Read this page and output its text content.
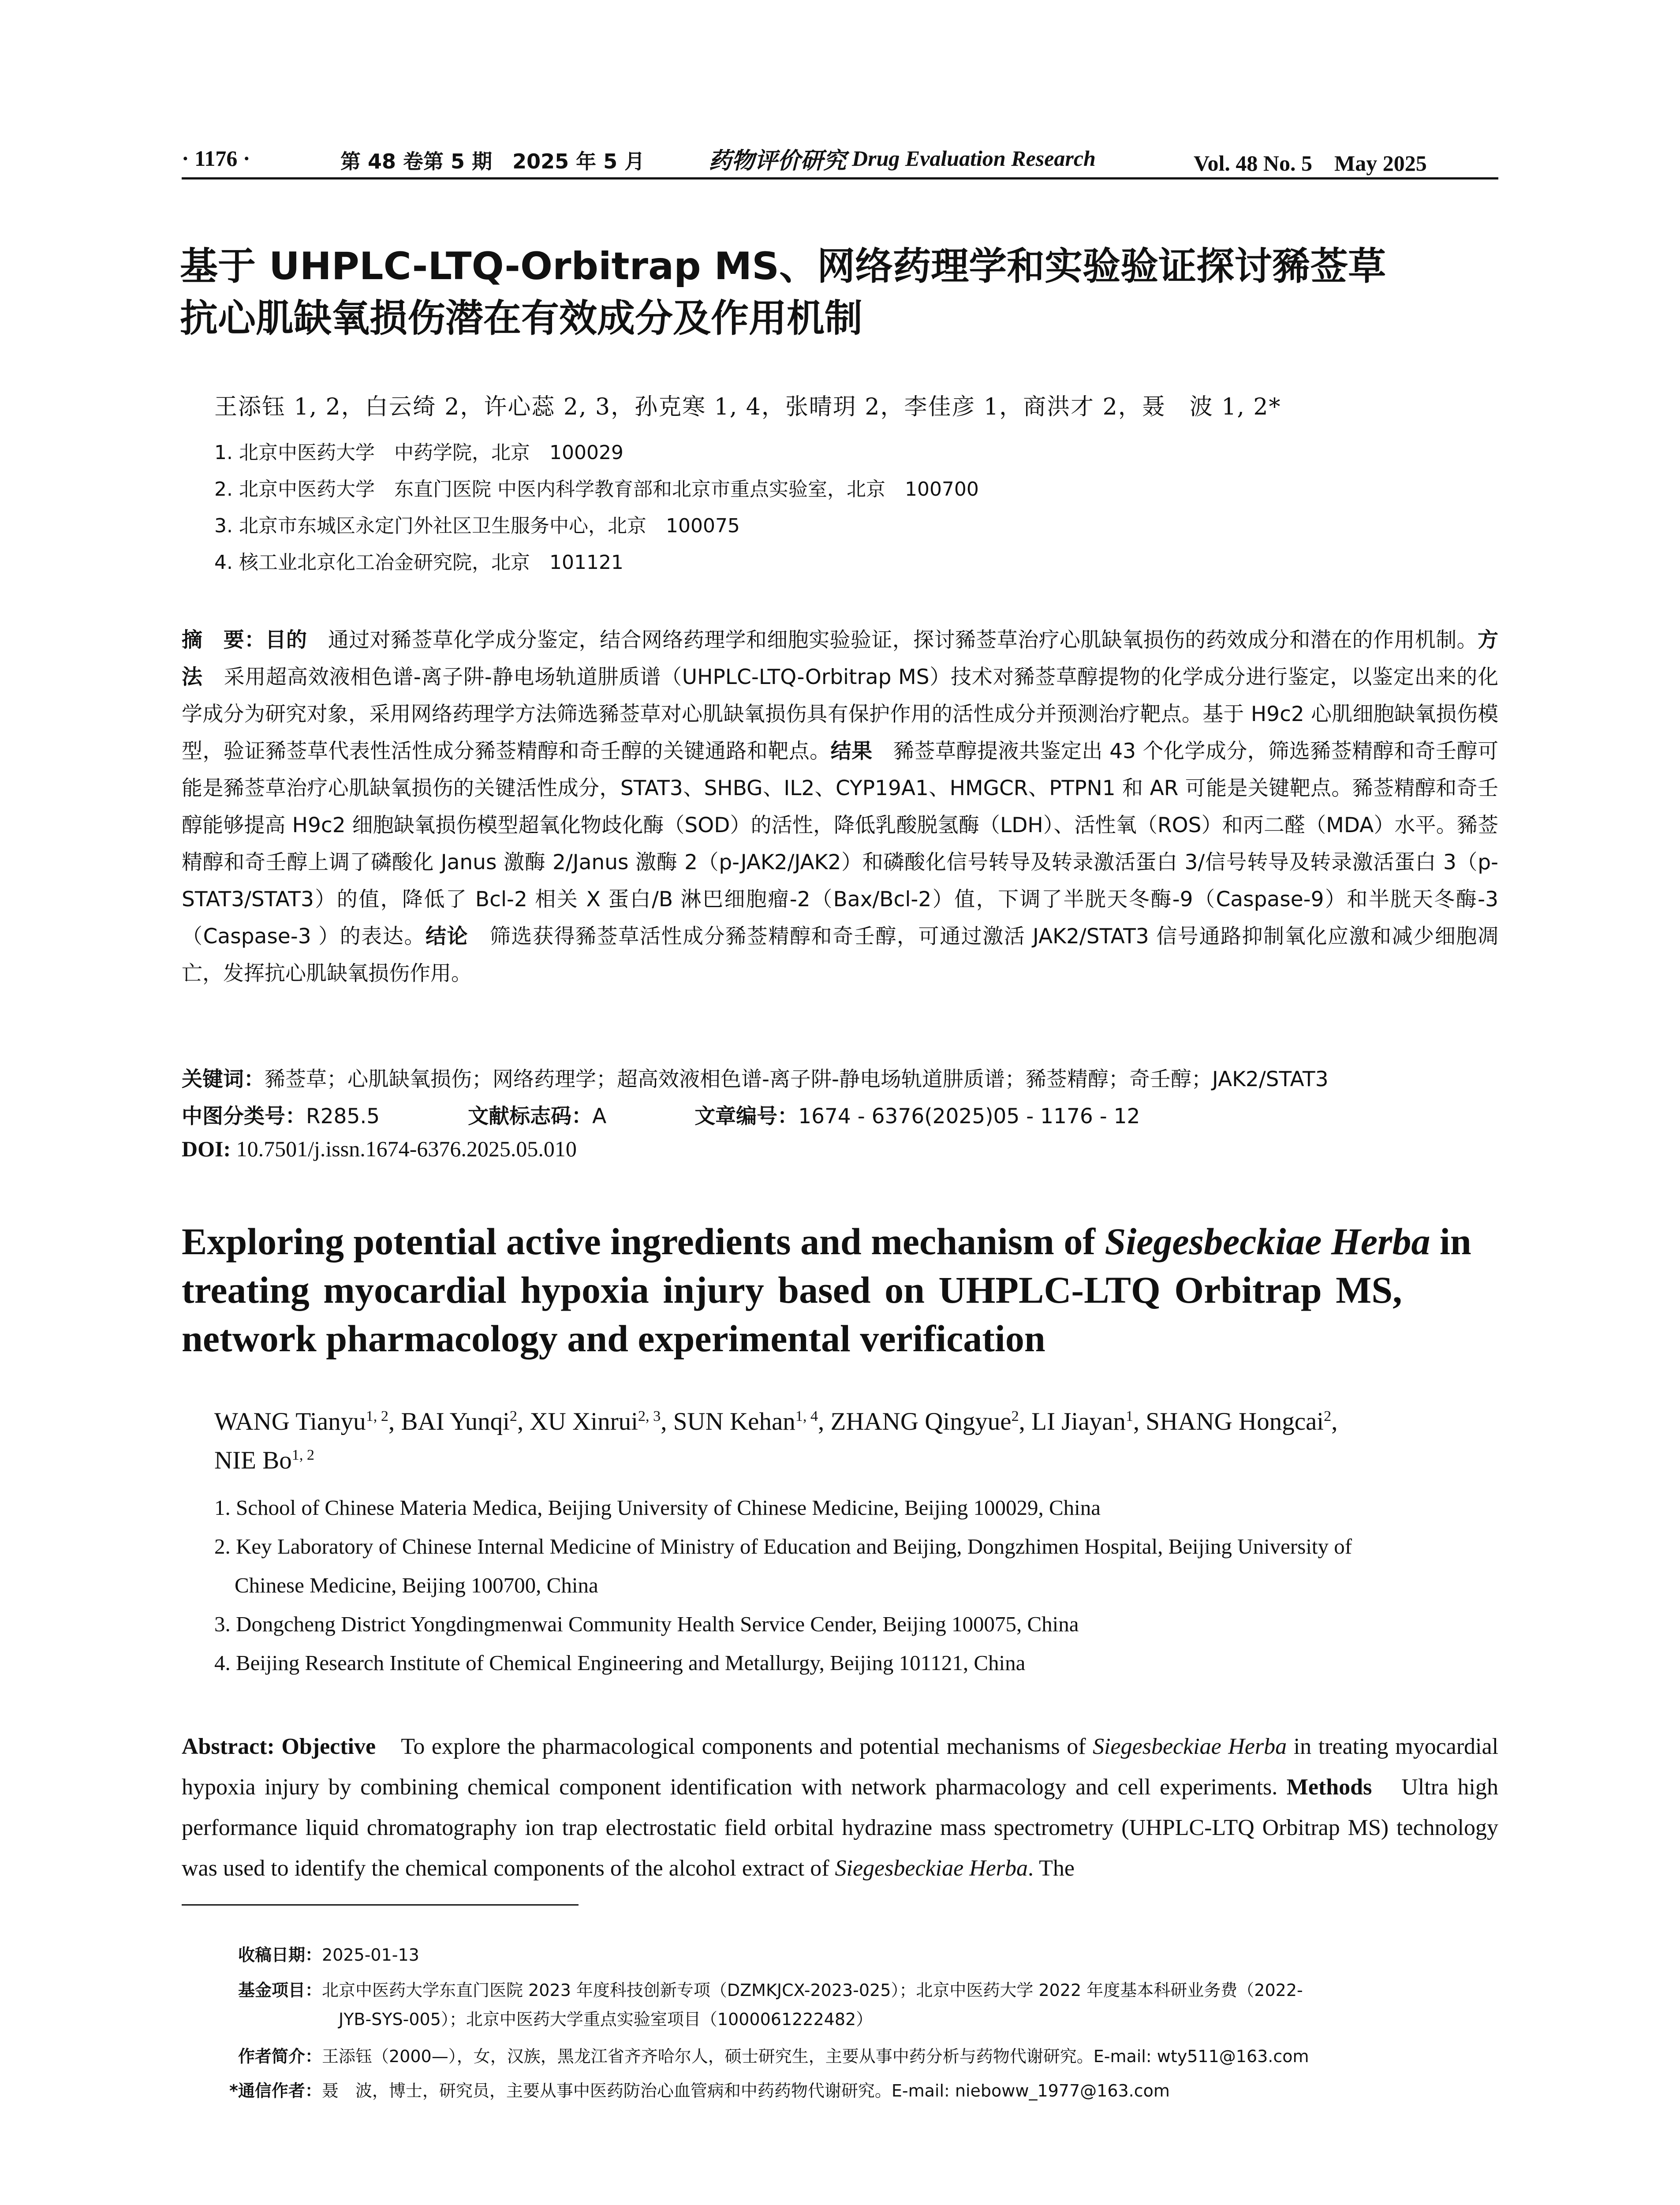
· 1176 ·	第 48 卷第 5 期　2025 年 5 月	药物评价研究 Drug Evaluation Research	Vol. 48 No. 5　May 2025
基于 UHPLC-LTQ-Orbitrap MS、网络药理学和实验验证探讨豨莶草
抗心肌缺氧损伤潜在有效成分及作用机制
王添钰 1, 2，白云绮 2，许心蕊 2, 3，孙克寒 1, 4，张晴玥 2，李佳彦 1，商洪才 2，聂　波 1, 2*
1. 北京中医药大学　中药学院，北京　100029
2. 北京中医药大学　东直门医院 中医内科学教育部和北京市重点实验室，北京　100700
3. 北京市东城区永定门外社区卫生服务中心，北京　100075
4. 核工业北京化工冶金研究院，北京　101121
摘　要：目的　通过对豨莶草化学成分鉴定，结合网络药理学和细胞实验验证，探讨豨莶草治疗心肌缺氧损伤的药效成分和潜在的作用机制。方法　采用超高效液相色谱-离子阱-静电场轨道肼质谱（UHPLC-LTQ-Orbitrap MS）技术对豨莶草醇提物的化学成分进行鉴定，以鉴定出来的化学成分为研究对象，采用网络药理学方法筛选豨莶草对心肌缺氧损伤具有保护作用的活性成分并预测治疗靶点。基于 H9c2 心肌细胞缺氧损伤模型，验证豨莶草代表性活性成分豨莶精醇和奇壬醇的关键通路和靶点。结果　豨莶草醇提液共鉴定出 43 个化学成分，筛选豨莶精醇和奇壬醇可能是豨莶草治疗心肌缺氧损伤的关键活性成分，STAT3、SHBG、IL2、CYP19A1、HMGCR、PTPN1 和 AR 可能是关键靶点。豨莶精醇和奇壬醇能够提高 H9c2 细胞缺氧损伤模型超氧化物歧化酶（SOD）的活性，降低乳酸脱氢酶（LDH）、活性氧（ROS）和丙二醛（MDA）水平。豨莶精醇和奇壬醇上调了磷酸化 Janus 激酶 2/Janus 激酶 2（p-JAK2/JAK2）和磷酸化信号转导及转录激活蛋白 3/信号转导及转录激活蛋白 3（p-STAT3/STAT3）的值，降低了 Bcl-2 相关 X 蛋白/B 淋巴细胞瘤-2（Bax/Bcl-2）值，下调了半胱天冬酶-9（Caspase-9）和半胱天冬酶-3（Caspase-3 ）的表达。结论　筛选获得豨莶草活性成分豨莶精醇和奇壬醇，可通过激活 JAK2/STAT3 信号通路抑制氧化应激和减少细胞凋亡，发挥抗心肌缺氧损伤作用。
关键词：豨莶草；心肌缺氧损伤；网络药理学；超高效液相色谱-离子阱-静电场轨道肼质谱；豨莶精醇；奇壬醇；JAK2/STAT3
中图分类号：R285.5	文献标志码：A	文章编号：1674 - 6376(2025)05 - 1176 - 12
DOI: 10.7501/j.issn.1674-6376.2025.05.010
Exploring potential active ingredients and mechanism of Siegesbeckiae Herba in
treating myocardial hypoxia injury based on UHPLC-LTQ Orbitrap MS,
network pharmacology and experimental verification
WANG Tianyu$^{1, 2}$, BAI Yunqi$^2$, XU Xinrui$^{2, 3}$, SUN Kehan$^{1, 4}$, ZHANG Qingyue$^2$, LI Jiayan$^1$, SHANG Hongcai$^2$,
NIE Bo$^{1, 2}$
1. School of Chinese Materia Medica, Beijing University of Chinese Medicine, Beijing 100029, China
2. Key Laboratory of Chinese Internal Medicine of Ministry of Education and Beijing, Dongzhimen Hospital, Beijing University of
Chinese Medicine, Beijing 100700, China
3. Dongcheng District Yongdingmenwai Community Health Service Cender, Beijing 100075, China
4. Beijing Research Institute of Chemical Engineering and Metallurgy, Beijing 101121, China
Abstract: Objective　To explore the pharmacological components and potential mechanisms of Siegesbeckiae Herba in treating myocardial hypoxia injury by combining chemical component identification with network pharmacology and cell experiments. Methods　Ultra high performance liquid chromatography ion trap electrostatic field orbital hydrazine mass spectrometry (UHPLC-LTQ Orbitrap MS) technology was used to identify the chemical components of the alcohol extract of Siegesbeckiae Herba. The
收稿日期：2025-01-13
基金项目：北京中医药大学东直门医院 2023 年度科技创新专项（DZMKJCX-2023-025）；北京中医药大学 2022 年度基本科研业务费（2022-
JYB-SYS-005）；北京中医药大学重点实验室项目（1000061222482）
作者简介：王添钰（2000—），女，汉族，黑龙江省齐齐哈尔人，硕士研究生，主要从事中药分析与药物代谢研究。E-mail: wty511@163.com
*通信作者：聂　波，博士，研究员，主要从事中医药防治心血管病和中药药物代谢研究。E-mail: nieboww_1977@163.com
